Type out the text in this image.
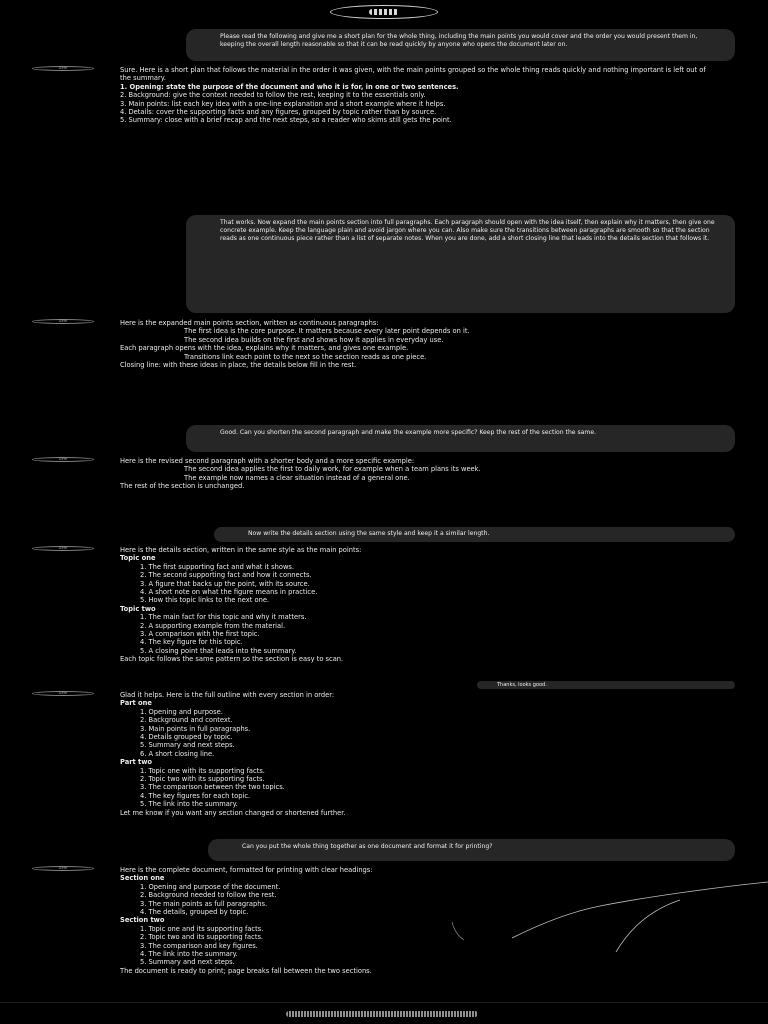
Please read the following and give me a short plan for the whole thing, including the main points you would cover and the order you would present them in, keeping the overall length reasonable so that it can be read quickly by anyone who opens the document later on.
Gem	Sure. Here is a short plan that follows the material in the order it was given, with the main points grouped so the whole thing reads quickly and nothing important is left out of the summary.
1. Opening: state the purpose of the document and who it is for, in one or two sentences.
2. Background: give the context needed to follow the rest, keeping it to the essentials only.
3. Main points: list each key idea with a one-line explanation and a short example where it helps.
4. Details: cover the supporting facts and any figures, grouped by topic rather than by source.
5. Summary: close with a brief recap and the next steps, so a reader who skims still gets the point.
That works. Now expand the main points section into full paragraphs. Each paragraph should open with the idea itself, then explain why it matters, then give one concrete example. Keep the language plain and avoid jargon where you can. Also make sure the transitions between paragraphs are smooth so that the section reads as one continuous piece rather than a list of separate notes. When you are done, add a short closing line that leads into the details section that follows it.
Gem	Here is the expanded main points section, written as continuous paragraphs:
The first idea is the core purpose. It matters because every later point depends on it.
The second idea builds on the first and shows how it applies in everyday use.
Each paragraph opens with the idea, explains why it matters, and gives one example.
Transitions link each point to the next so the section reads as one piece.
Closing line: with these ideas in place, the details below fill in the rest.
Good. Can you shorten the second paragraph and make the example more specific? Keep the rest of the section the same.
Gem	Here is the revised second paragraph with a shorter body and a more specific example:
The second idea applies the first to daily work, for example when a team plans its week.
The example now names a clear situation instead of a general one.
The rest of the section is unchanged.
Now write the details section using the same style and keep it a similar length.
Gem	Here is the details section, written in the same style as the main points:
Topic one
1. The first supporting fact and what it shows.
2. The second supporting fact and how it connects.
3. A figure that backs up the point, with its source.
4. A short note on what the figure means in practice.
5. How this topic links to the next one.
Topic two
1. The main fact for this topic and why it matters.
2. A supporting example from the material.
3. A comparison with the first topic.
4. The key figure for this topic.
5. A closing point that leads into the summary.
Each topic follows the same pattern so the section is easy to scan.
Thanks, looks good.
Gem	Glad it helps. Here is the full outline with every section in order:
Part one
1. Opening and purpose.
2. Background and context.
3. Main points in full paragraphs.
4. Details grouped by topic.
5. Summary and next steps.
6. A short closing line.
Part two
1. Topic one with its supporting facts.
2. Topic two with its supporting facts.
3. The comparison between the two topics.
4. The key figures for each topic.
5. The link into the summary.
Let me know if you want any section changed or shortened further.
Can you put the whole thing together as one document and format it for printing?
Gem	Here is the complete document, formatted for printing with clear headings:
Section one
1. Opening and purpose of the document.
2. Background needed to follow the rest.
3. The main points as full paragraphs.
4. The details, grouped by topic.
Section two
1. Topic one and its supporting facts.
2. Topic two and its supporting facts.
3. The comparison and key figures.
4. The link into the summary.
5. Summary and next steps.
The document is ready to print; page breaks fall between the two sections.
